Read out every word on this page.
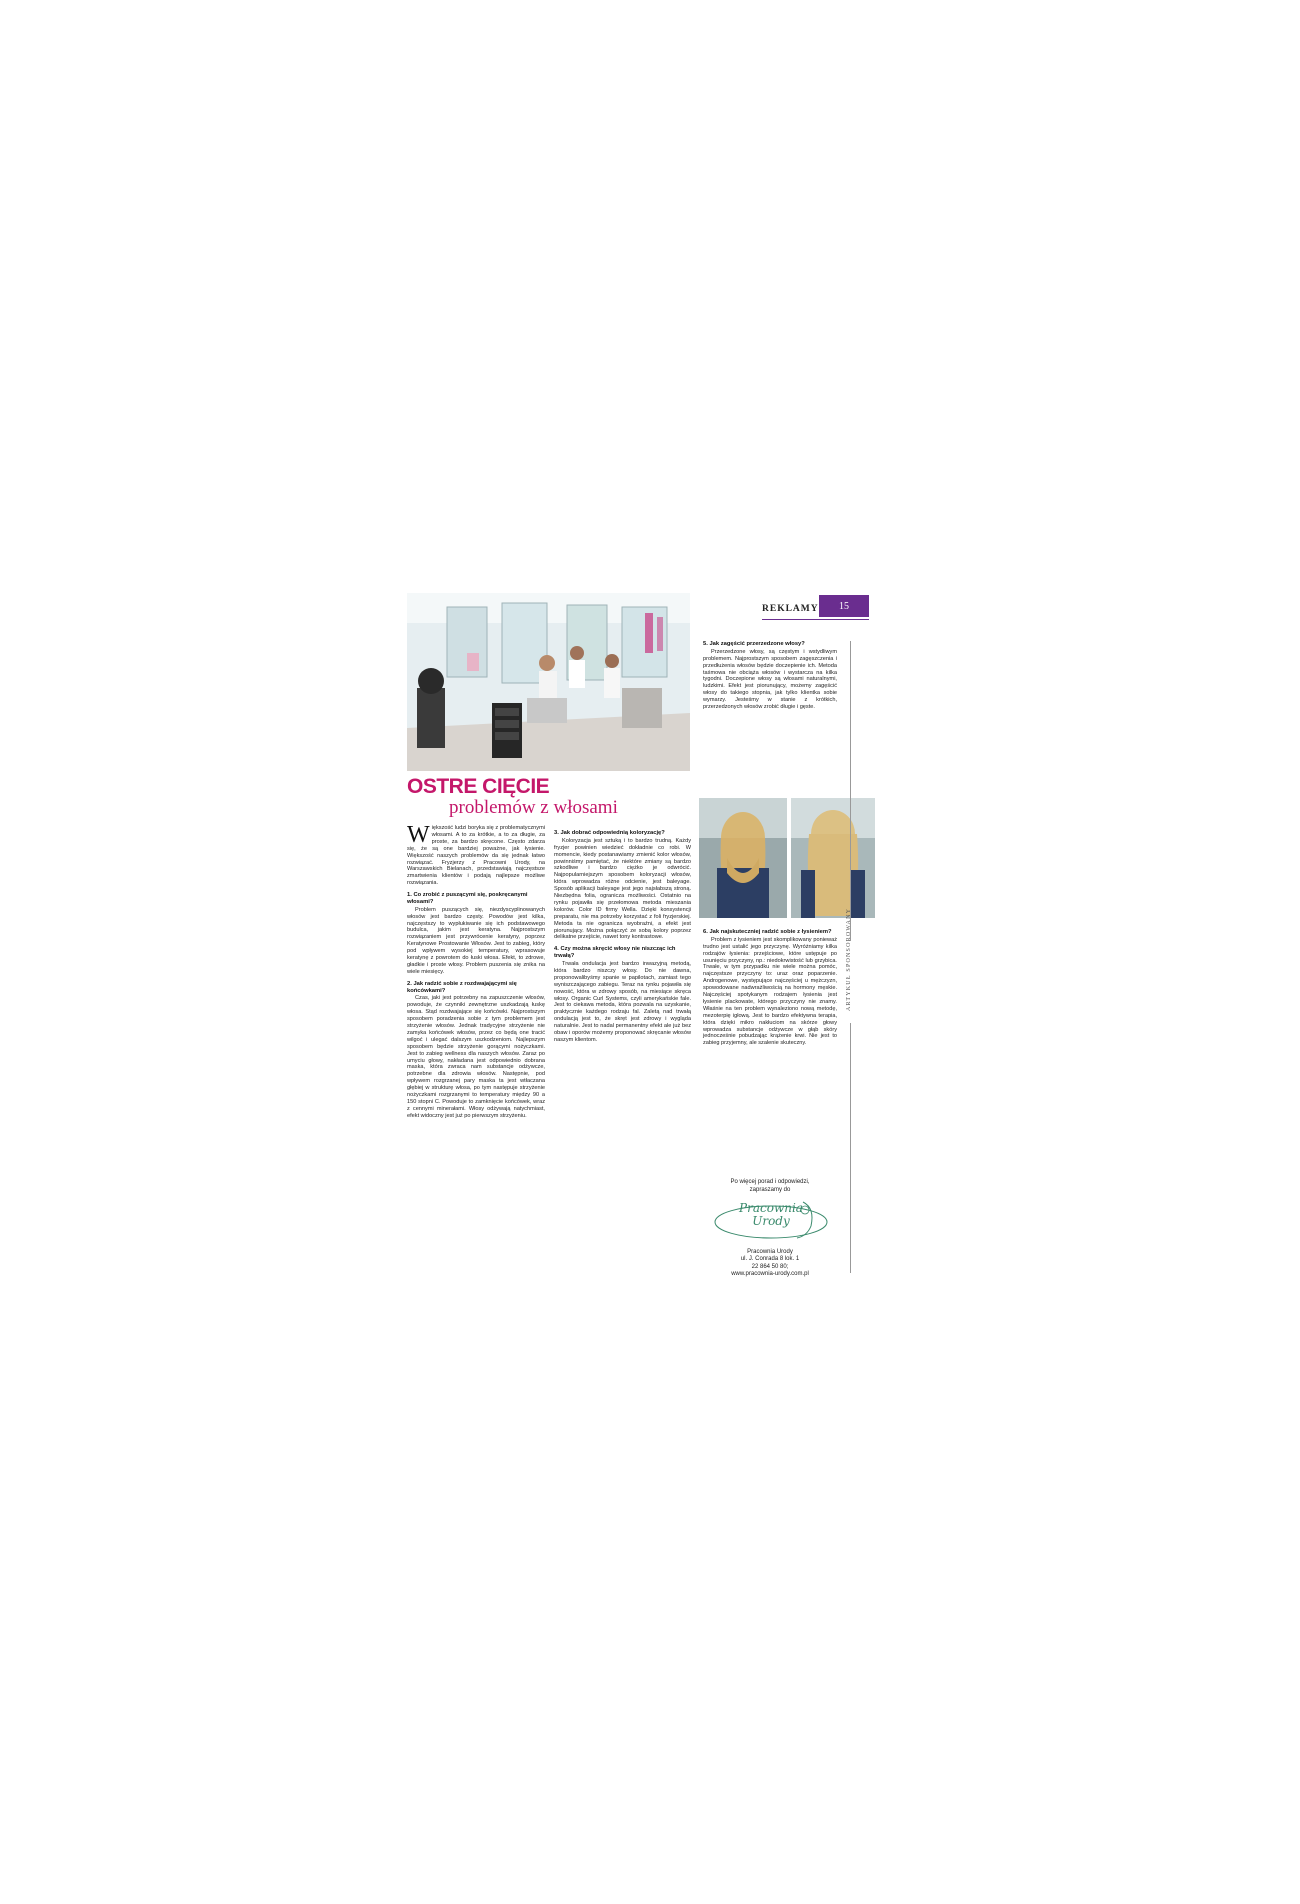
REKLAMY	15
OSTRE CIĘCIE
problemów z włosami

Większość ludzi boryka się z problematycznymi włosami. A to za krótkie, a to za długie, za proste, za bardzo skręcone. Często zdarza się, że są one bardziej poważne, jak łysienie. Większość naszych problemów da się jednak łatwo rozwiązać. Fryzjerzy z Pracowni Urody, na Warszawskich Bielanach, przedstawiają najczęstsze zmartwienia klientów i podają najlepsze możliwe rozwiązania.

1. Co zrobić z puszącymi się, poskręcanymi włosami?

Problem puszących się, niezdyscyplinowanych włosów jest bardzo częsty. Powodów jest kilka, najczęstszy to wypłukiwanie się ich podstawowego budulca, jakim jest keratyna. Najprostszym rozwiązaniem jest przywrócenie keratyny, poprzez Keratynowe Prostowanie Włosów. Jest to zabieg, który pod wpływem wysokiej temperatury, wprasowuje keratynę z powrotem do łuski włosa. Efekt, to zdrowe, gładkie i proste włosy. Problem puszenia się znika na wiele miesięcy.

2. Jak radzić sobie z rozdwajającymi się końcówkami?

Czas, jaki jest potrzebny na zapuszczenie włosów, powoduje, że czynniki zewnętrzne uszkadzają łuskę włosa. Stąd rozdwajające się końcówki. Najprostszym sposobem poradzenia sobie z tym problemem jest strzyżenie włosów. Jednak tradycyjne strzyżenie nie zamyka końcówek włosów, przez co będą one tracić wilgoć i ulegać dalszym uszkodzeniom. Najlepszym sposobem będzie strzyżenie gorącymi nożyczkami. Jest to zabieg wellness dla naszych włosów. Zaraz po umyciu głowy, nakładana jest odpowiednio dobrana maska, która zwraca nam substancje odżywcze, potrzebne dla zdrowia włosów. Następnie, pod wpływem rozgrzanej pary maska ta jest wtłaczana głębiej w strukturę włosa, po tym następuje strzyżenie nożyczkami rozgrzanymi to temperatury między 90 a 150 stopni C. Powoduje to zamknięcie końcówek, wraz z cennymi minerałami. Włosy odżywają natychmiast, efekt widoczny jest już po pierwszym strzyżeniu.

3. Jak dobrać odpowiednią koloryzację?

Koloryzacja jest sztuką i to bardzo trudną. Każdy fryzjer powinien wiedzieć dokładnie co robi. W momencie, kiedy postanawiamy zmienić kolor włosów, powinniśmy pamiętać, że niektóre zmiany są bardzo szkodliwe i bardzo ciężko je odwrócić. Najpopularniejszym sposobem koloryzacji włosów, która wprowadza różne odcienie, jest baleyage. Sposób aplikacji baleyage jest jego najsłabszą stroną. Niezbędna folia, ogranicza możliwości. Ostatnio na rynku pojawiła się przełomowa metoda mieszania kolorów. Color ID firmy Wella. Dzięki konsystencji preparatu, nie ma potrzeby korzystać z foli fryzjerskiej. Metoda ta nie ogranicza wyobraźni, a efekt jest piorunujący. Można połączyć ze sobą kolory poprzez delikatne przejście, nawet tony kontrastowe.

4. Czy można skręcić włosy nie niszcząc ich trwałą?

Trwała ondulacja jest bardzo inwazyjną metodą, która bardzo niszczy włosy. Do nie dawna, proponowalibyśmy spanie w papilotach, zamiast tego wyniszczającego zabiegu. Teraz na rynku pojawiła się nowość, która w zdrowy sposób, na miesiące skręca włosy. Organic Curl Systems, czyli amerykańskie fale. Jest to ciekawa metoda, która pozwala na uzyskanie, praktycznie każdego rodzaju fal. Zaletą nad trwałą ondulacją jest to, że skręt jest zdrowy i wygląda naturalnie. Jest to nadal permanentny efekt ale już bez obaw i oporów możemy proponować skręcanie włosów naszym klientom.

5. Jak zagęścić przerzedzone włosy?

Przerzedzone włosy, są częstym i wstydliwym problemem. Najprostszym sposobem zagęszczenia i przedłużenia włosów będzie doczepienie ich. Metoda taśmowa nie obciąża włosów i wystarcza na kilka tygodni. Doczepione włosy są włosami naturalnymi, ludzkimi. Efekt jest piorunujący, możemy zagęścić włosy do takiego stopnia, jak tylko klientka sobie wymarzy. Jesteśmy w stanie z krótkich, przerzedzonych włosów zrobić długie i gęste.

6. Jak najskuteczniej radzić sobie z łysieniem?

Problem z łysieniem jest skomplikowany ponieważ trudno jest ustalić jego przyczynę. Wyróżniamy kilka rodzajów łysienia: przejściowe, które ustępuje po usunięciu przyczyny, np.: niedokrwistość lub grzybica. Trwałe, w tym przypadku nie wiele można pomóc, najczęstsze przyczyny to: uraz oraz poparzenie. Androgenowe, występujące najczęściej u mężczyzn, spowodowane nadwrażliwością na hormony męskie. Najczęściej spotykanym rodzajem łysienia jest łysienie plackowate, którego przyczyny nie znamy. Właśnie na ten problem wynaleziono nową metodę, mezoterpię igłową. Jest to bardzo efektywna terapia, która dzięki mikro nakłuciom na skórze głowy wprowadza substancje odżywcze w głąb skóry jednocześnie pobudzając krążenie krwi. Nie jest to zabieg przyjemny, ale szalenie skuteczny.

Po więcej porad i odpowiedzi,
zapraszamy do
Pracownia
Urody
Pracownia Urody
ul. J. Conrada 8 lok. 1
22 864 50 80;
www.pracownia-urody.com.pl
ARTYKUŁ SPONSOROWANY
